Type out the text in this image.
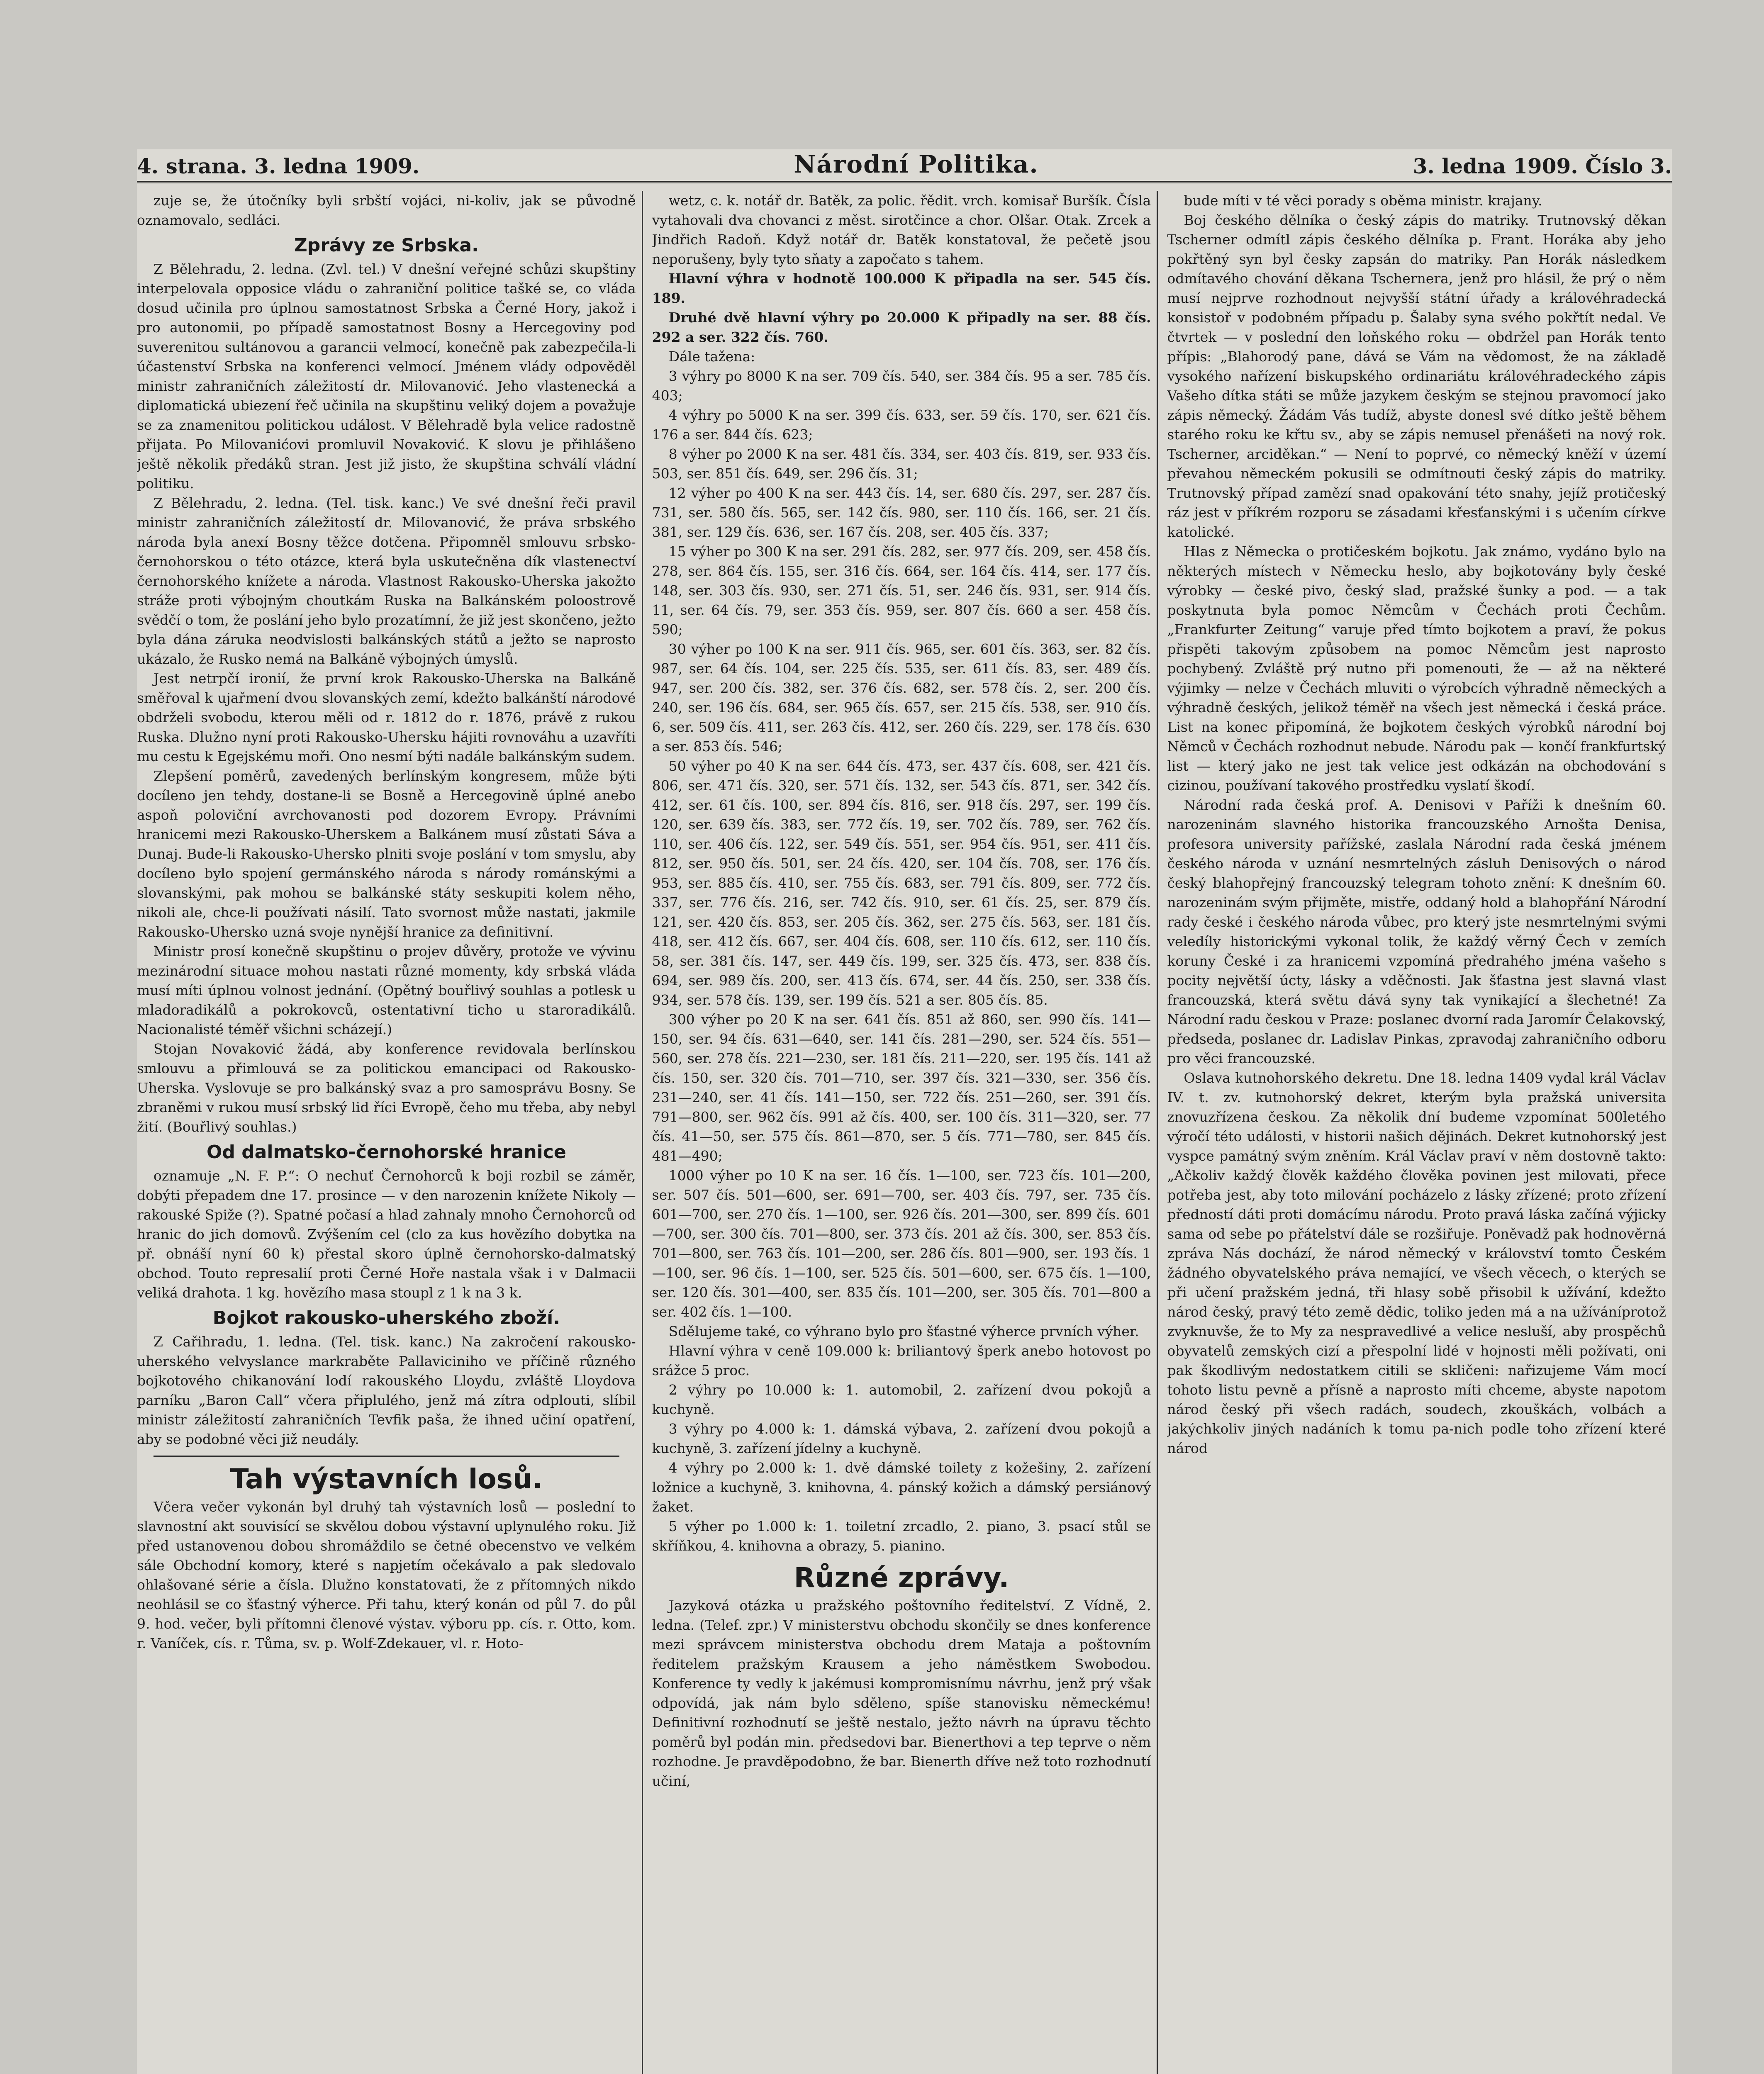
4. strana. 3. ledna 1909.	Národní Politika.	3. ledna 1909. Číslo 3.

zuje se, že útočníky byli srbští vojáci, ni-koliv, jak se původně oznamovalo, sedláci.

Zprávy ze Srbska.

Z Bělehradu, 2. ledna. (Zvl. tel.) V dnešní veřejné schůzi skupštiny interpelovala opposice vládu o zahraniční politice tašké se, co vláda dosud učinila pro úplnou samostatnost Srbska a Černé Hory, jakož i pro autonomii, po případě samostatnost Bosny a Hercegoviny pod suverenitou sultánovou a garancii velmocí, konečně pak zabezpečila-li účastenství Srbska na konferenci velmocí. Jménem vlády odpověděl ministr zahraničních záležitostí dr. Milovanović. Jeho vlastenecká a diplomatická ubiezení řeč učinila na skupštinu veliký dojem a považuje se za znamenitou politickou událost. V Bělehradě byla velice radostně přijata. Po Milovanićovi promluvil Novaković. K slovu je přihlášeno ještě několik předáků stran. Jest již jisto, že skupština schválí vládní politiku.

Z Bělehradu, 2. ledna. (Tel. tisk. kanc.) Ve své dnešní řeči pravil ministr zahraničních záležitostí dr. Milovanović, že práva srbského národa byla anexí Bosny těžce dotčena. Připomněl smlouvu srbsko-černohorskou o této otázce, která byla uskutečněna dík vlastenectví černohorského knížete a národa. Vlastnost Rakousko-Uherska jakožto stráže proti výbojným choutkám Ruska na Balkánském poloostrově svědčí o tom, že poslání jeho bylo prozatímní, že již jest skončeno, ježto byla dána záruka neodvislosti balkánských států a ježto se naprosto ukázalo, že Rusko nemá na Balkáně výbojných úmyslů.

Jest netrpčí ironií, že první krok Rakousko-Uherska na Balkáně směřoval k ujařmení dvou slovanských zemí, kdežto balkánští národové obdrželi svobodu, kterou měli od r. 1812 do r. 1876, právě z rukou Ruska. Dlužno nyní proti Rakousko-Uhersku hájiti rovnováhu a uzavříti mu cestu k Egejskému moři. Ono nesmí býti nadále balkánským sudem.

Zlepšení poměrů, zavedených berlínským kongresem, může býti docíleno jen tehdy, dostane-li se Bosně a Hercegovině úplné anebo aspoň poloviční avrchovanosti pod dozorem Evropy. Právními hranicemi mezi Rakousko-Uherskem a Balkánem musí zůstati Sáva a Dunaj. Bude-li Rakousko-Uhersko plniti svoje poslání v tom smyslu, aby docíleno bylo spojení germánského národa s národy románskými a slovanskými, pak mohou se balkánské státy seskupiti kolem něho, nikoli ale, chce-li používati násilí. Tato svornost může nastati, jakmile Rakousko-Uhersko uzná svoje nynější hranice za definitivní.

Ministr prosí konečně skupštinu o projev důvěry, protože ve vývinu mezinárodní situace mohou nastati různé momenty, kdy srbská vláda musí míti úplnou volnost jednání. (Opětný bouřlivý souhlas a potlesk u mladoradikálů a pokrokovců, ostentativní ticho u staroradikálů. Nacionalisté téměř všichni scházejí.)

Stojan Novaković žádá, aby konference revidovala berlínskou smlouvu a přimlouvá se za politickou emancipaci od Rakousko-Uherska. Vyslovuje se pro balkánský svaz a pro samosprávu Bosny. Se zbraněmi v rukou musí srbský lid říci Evropě, čeho mu třeba, aby nebyl žití. (Bouřlivý souhlas.)

Od dalmatsko-černohorské hranice

oznamuje „N. F. P.“: O nechuť Černohorců k boji rozbil se záměr, dobýti přepadem dne 17. prosince — v den narozenin knížete Nikoly — rakouské Spiže (?). Spatné počasí a hlad zahnaly mnoho Černohorců od hranic do jich domovů. Zvýšením cel (clo za kus hovězího dobytka na př. obnáší nyní 60 k) přestal skoro úplně černohorsko-dalmatský obchod. Touto represalií proti Černé Hoře nastala však i v Dalmacii veliká drahota. 1 kg. hovězího masa stoupl z 1 k na 3 k.

Bojkot rakousko-uherského zboží.

Z Cařihradu, 1. ledna. (Tel. tisk. kanc.) Na zakročení rakousko-uherského velvyslance markraběte Pallaviciniho ve příčině různého bojkotového chikanování lodí rakouského Lloydu, zvláště Lloydova parníku „Baron Call“ včera připlulého, jenž má zítra odplouti, slíbil ministr záležitostí zahraničních Tevfik paša, že ihned učiní opatření, aby se podobné věci již neudály.

Tah výstavních losů.

Včera večer vykonán byl druhý tah výstavních losů — poslední to slavnostní akt souvisící se skvělou dobou výstavní uplynulého roku. Již před ustanovenou dobou shromáždilo se četné obecenstvo ve velkém sále Obchodní komory, které s napjetím očekávalo a pak sledovalo ohlašované série a čísla. Dlužno konstatovati, že z přítomných nikdo neohlásil se co šťastný výherce. Při tahu, který konán od půl 7. do půl 9. hod. večer, byli přítomni členové výstav. výboru pp. cís. r. Otto, kom. r. Vaníček, cís. r. Tůma, sv. p. Wolf-Zdekauer, vl. r. Hoto-

wetz, c. k. notář dr. Batěk, za polic. řědit. vrch. komisař Buršík. Čísla vytahovali dva chovanci z měst. sirotčince a chor. Olšar. Otak. Zrcek a Jindřich Radoň. Když notář dr. Batěk konstatoval, že pečetě jsou neporušeny, byly tyto sňaty a započato s tahem.

Hlavní výhra v hodnotě 100.000 K připadla na ser. 545 čís. 189.

Druhé dvě hlavní výhry po 20.000 K připadly na ser. 88 čís. 292 a ser. 322 čís. 760.

Dále tažena:

3 výhry po 8000 K na ser. 709 čís. 540, ser. 384 čís. 95 a ser. 785 čís. 403;

4 výhry po 5000 K na ser. 399 čís. 633, ser. 59 čís. 170, ser. 621 čís. 176 a ser. 844 čís. 623;

8 výher po 2000 K na ser. 481 čís. 334, ser. 403 čís. 819, ser. 933 čís. 503, ser. 851 čís. 649, ser. 296 čís. 31;

12 výher po 400 K na ser. 443 čís. 14, ser. 680 čís. 297, ser. 287 čís. 731, ser. 580 čís. 565, ser. 142 čís. 980, ser. 110 čís. 166, ser. 21 čís. 381, ser. 129 čís. 636, ser. 167 čís. 208, ser. 405 čís. 337;

15 výher po 300 K na ser. 291 čís. 282, ser. 977 čís. 209, ser. 458 čís. 278, ser. 864 čís. 155, ser. 316 čís. 664, ser. 164 čís. 414, ser. 177 čís. 148, ser. 303 čís. 930, ser. 271 čís. 51, ser. 246 čís. 931, ser. 914 čís. 11, ser. 64 čís. 79, ser. 353 čís. 959, ser. 807 čís. 660 a ser. 458 čís. 590;

30 výher po 100 K na ser. 911 čís. 965, ser. 601 čís. 363, ser. 82 čís. 987, ser. 64 čís. 104, ser. 225 čís. 535, ser. 611 čís. 83, ser. 489 čís. 947, ser. 200 čís. 382, ser. 376 čís. 682, ser. 578 čís. 2, ser. 200 čís. 240, ser. 196 čís. 684, ser. 965 čís. 657, ser. 215 čís. 538, ser. 910 čís. 6, ser. 509 čís. 411, ser. 263 čís. 412, ser. 260 čís. 229, ser. 178 čís. 630 a ser. 853 čís. 546;

50 výher po 40 K na ser. 644 čís. 473, ser. 437 čís. 608, ser. 421 čís. 806, ser. 471 čís. 320, ser. 571 čís. 132, ser. 543 čís. 871, ser. 342 čís. 412, ser. 61 čís. 100, ser. 894 čís. 816, ser. 918 čís. 297, ser. 199 čís. 120, ser. 639 čís. 383, ser. 772 čís. 19, ser. 702 čís. 789, ser. 762 čís. 110, ser. 406 čís. 122, ser. 549 čís. 551, ser. 954 čís. 951, ser. 411 čís. 812, ser. 950 čís. 501, ser. 24 čís. 420, ser. 104 čís. 708, ser. 176 čís. 953, ser. 885 čís. 410, ser. 755 čís. 683, ser. 791 čís. 809, ser. 772 čís. 337, ser. 776 čís. 216, ser. 742 čís. 910, ser. 61 čís. 25, ser. 879 čís. 121, ser. 420 čís. 853, ser. 205 čís. 362, ser. 275 čís. 563, ser. 181 čís. 418, ser. 412 čís. 667, ser. 404 čís. 608, ser. 110 čís. 612, ser. 110 čís. 58, ser. 381 čís. 147, ser. 449 čís. 199, ser. 325 čís. 473, ser. 838 čís. 694, ser. 989 čís. 200, ser. 413 čís. 674, ser. 44 čís. 250, ser. 338 čís. 934, ser. 578 čís. 139, ser. 199 čís. 521 a ser. 805 čís. 85.

300 výher po 20 K na ser. 641 čís. 851 až 860, ser. 990 čís. 141—150, ser. 94 čís. 631—640, ser. 141 čís. 281—290, ser. 524 čís. 551—560, ser. 278 čís. 221—230, ser. 181 čís. 211—220, ser. 195 čís. 141 až čís. 150, ser. 320 čís. 701—710, ser. 397 čís. 321—330, ser. 356 čís. 231—240, ser. 41 čís. 141—150, ser. 722 čís. 251—260, ser. 391 čís. 791—800, ser. 962 čís. 991 až čís. 400, ser. 100 čís. 311—320, ser. 77 čís. 41—50, ser. 575 čís. 861—870, ser. 5 čís. 771—780, ser. 845 čís. 481—490;

1000 výher po 10 K na ser. 16 čís. 1—100, ser. 723 čís. 101—200, ser. 507 čís. 501—600, ser. 691—700, ser. 403 čís. 797, ser. 735 čís. 601—700, ser. 270 čís. 1—100, ser. 926 čís. 201—300, ser. 899 čís. 601—700, ser. 300 čís. 701—800, ser. 373 čís. 201 až čís. 300, ser. 853 čís. 701—800, ser. 763 čís. 101—200, ser. 286 čís. 801—900, ser. 193 čís. 1—100, ser. 96 čís. 1—100, ser. 525 čís. 501—600, ser. 675 čís. 1—100, ser. 120 čís. 301—400, ser. 835 čís. 101—200, ser. 305 čís. 701—800 a ser. 402 čís. 1—100.

Sdělujeme také, co výhrano bylo pro šťastné výherce prvních výher.

Hlavní výhra v ceně 109.000 k: briliantový šperk anebo hotovost po srážce 5 proc.

2 výhry po 10.000 k: 1. automobil, 2. zařízení dvou pokojů a kuchyně.

3 výhry po 4.000 k: 1. dámská výbava, 2. zařízení dvou pokojů a kuchyně, 3. zařízení jídelny a kuchyně.

4 výhry po 2.000 k: 1. dvě dámské toilety z kožešiny, 2. zařízení ložnice a kuchyně, 3. knihovna, 4. pánský kožich a dámský persiánový žaket.

5 výher po 1.000 k: 1. toiletní zrcadlo, 2. piano, 3. psací stůl se skříňkou, 4. knihovna a obrazy, 5. pianino.

Různé zprávy.

Jazyková otázka u pražského poštovního ředitelství. Z Vídně, 2. ledna. (Telef. zpr.) V ministerstvu obchodu skončily se dnes konference mezi správcem ministerstva obchodu drem Mataja a poštovním ředitelem pražským Krausem a jeho náměstkem Swobodou. Konference ty vedly k jakémusi kompromisnímu návrhu, jenž prý však odpovídá, jak nám bylo sděleno, spíše stanovisku německému! Definitivní rozhodnutí se ještě nestalo, ježto návrh na úpravu těchto poměrů byl podán min. předsedovi bar. Bienerthovi a tep teprve o něm rozhodne. Je pravděpodobno, že bar. Bienerth dříve než toto rozhodnutí učiní,

bude míti v té věci porady s oběma ministr. krajany.

Boj českého dělníka o český zápis do matriky. Trutnovský děkan Tscherner odmítl zápis českého dělníka p. Frant. Horáka aby jeho pokřtěný syn byl česky zapsán do matriky. Pan Horák následkem odmítavého chování děkana Tschernera, jenž pro hlásil, že prý o něm musí nejprve rozhodnout nejvyšší státní úřady a královéhradecká konsistoř v podobném případu p. Šalaby syna svého pokřtít nedal. Ve čtvrtek — v poslední den loňského roku — obdržel pan Horák tento přípis: „Blahorodý pane, dává se Vám na vědomost, že na základě vysokého nařízení biskupského ordinariátu královéhradeckého zápis Vašeho dítka státi se může jazykem českým se stejnou pravomocí jako zápis německý. Žádám Vás tudíž, abyste donesl své dítko ještě během starého roku ke křtu sv., aby se zápis nemusel přenášeti na nový rok. Tscherner, arciděkan.“ — Není to poprvé, co německý kněží v území převahou německém pokusili se odmítnouti český zápis do matriky. Trutnovský případ zamězí snad opakování této snahy, jejíž protičeský ráz jest v příkrém rozporu se zásadami křesťanskými i s učením církve katolické.

Hlas z Německa o protičeském bojkotu. Jak známo, vydáno bylo na některých místech v Německu heslo, aby bojkotovány byly české výrobky — české pivo, český slad, pražské šunky a pod. — a tak poskytnuta byla pomoc Němcům v Čechách proti Čechům. „Frankfurter Zeitung“ varuje před tímto bojkotem a praví, že pokus přispěti takovým způsobem na pomoc Němcům jest naprosto pochybený. Zvláště prý nutno při pomenouti, že — až na některé výjimky — nelze v Čechách mluviti o výrobcích výhradně německých a výhradně českých, jelikož téměř na všech jest německá i česká práce. List na konec připomíná, že bojkotem českých výrobků národní boj Němců v Čechách rozhodnut nebude. Národu pak — končí frankfurtský list — který jako ne jest tak velice jest odkázán na obchodování s cizinou, používaní takového prostředku vyslatí škodí.

Národní rada česká prof. A. Denisovi v Paříži k dnešním 60. narozeninám slavného historika francouzského Arnošta Denisa, profesora university pařížské, zaslala Národní rada česká jménem českého národa v uznání nesmrtelných zásluh Denisových o národ český blahopřejný francouzský telegram tohoto znění: K dnešním 60. narozeninám svým přijměte, mistře, oddaný hold a blahopřání Národní rady české i českého národa vůbec, pro který jste nesmrtelnými svými veledíly historickými vykonal tolik, že každý věrný Čech v zemích koruny České i za hranicemi vzpomíná předrahého jména vašeho s pocity největší úcty, lásky a vděčnosti. Jak šťastna jest slavná vlast francouzská, která světu dává syny tak vynikající a šlechetné! Za Národní radu českou v Praze: poslanec dvorní rada Jaromír Čelakovský, předseda, poslanec dr. Ladislav Pinkas, zpravodaj zahraničního odboru pro věci francouzské.

Oslava kutnohorského dekretu. Dne 18. ledna 1409 vydal král Václav IV. t. zv. kutnohorský dekret, kterým byla pražská universita znovuzřízena českou. Za několik dní budeme vzpomínat 500letého výročí této události, v historii našich dějinách. Dekret kutnohorský jest vyspce památný svým zněním. Král Václav praví v něm dostovně takto: „Ačkoliv každý člověk každého člověka povinen jest milovati, přece potřeba jest, aby toto milování pocházelo z lásky zřízené; proto zřízení předností dáti proti domácímu národu. Proto pravá láska začíná výjicky sama od sebe po přátelství dále se rozšiřuje. Poněvadž pak hodnověrná zpráva Nás dochází, že národ německý v království tomto Českém žádného obyvatelského práva nemající, ve všech věcech, o kterých se při učení pražském jedná, tři hlasy sobě přisobil k užívání, kdežto národ český, pravý této země dědic, toliko jeden má a na užíváníprotož zvyknuvše, že to My za nespravedlivé a velice nesluší, aby prospěchů obyvatelů zemských cizí a přespolní lidé v hojnosti měli požívati, oni pak škodlivým nedostatkem citili se skličeni: nařizujeme Vám mocí tohoto listu pevně a přísně a naprosto míti chceme, abyste napotom národ český při všech radách, soudech, zkouškách, volbách a jakýchkoliv jiných nadáních k tomu pa-nich podle toho zřízení které národ
